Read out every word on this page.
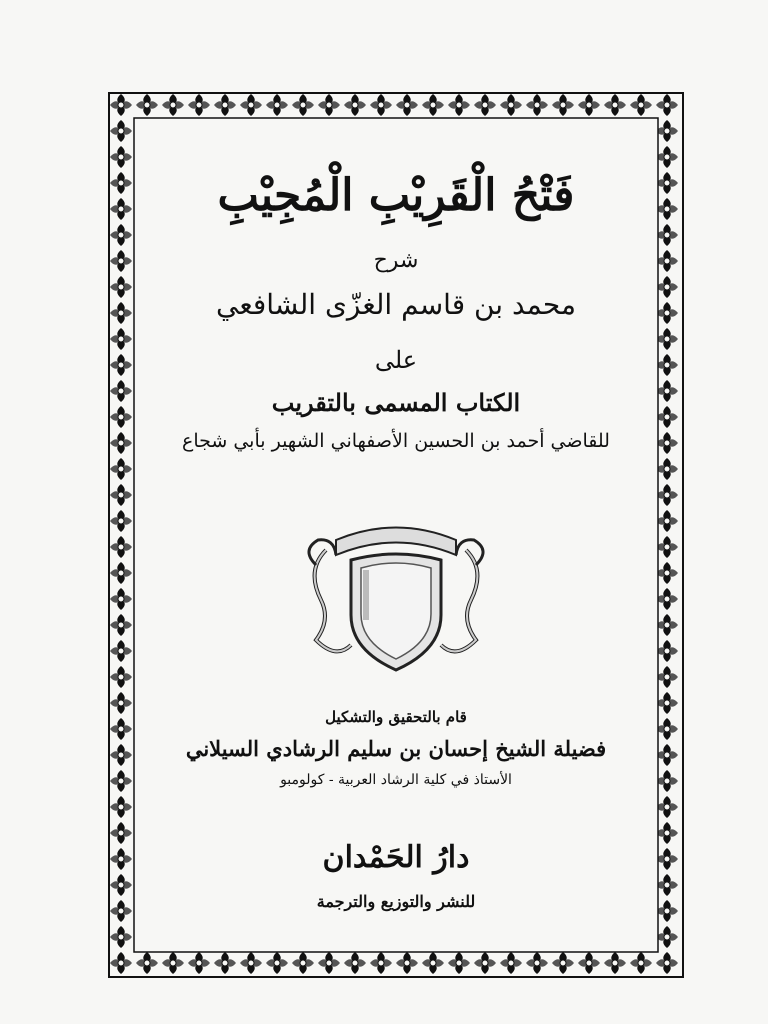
فَتْحُ الْقَرِيْبِ الْمُجِيْبِ
شرح
محمد بن قاسم الغزّى الشافعي
على
الكتاب المسمى بالتقريب
للقاضي أحمد بن الحسين الأصفهاني الشهير بأبي شجاع
قام بالتحقيق والتشكيل
فضيلة الشيخ إحسان بن سليم الرشادي السيلاني
الأستاذ في كلية الرشاد العربية - كولومبو
دارُ الحَمْدان
للنشر والتوزيع والترجمة
